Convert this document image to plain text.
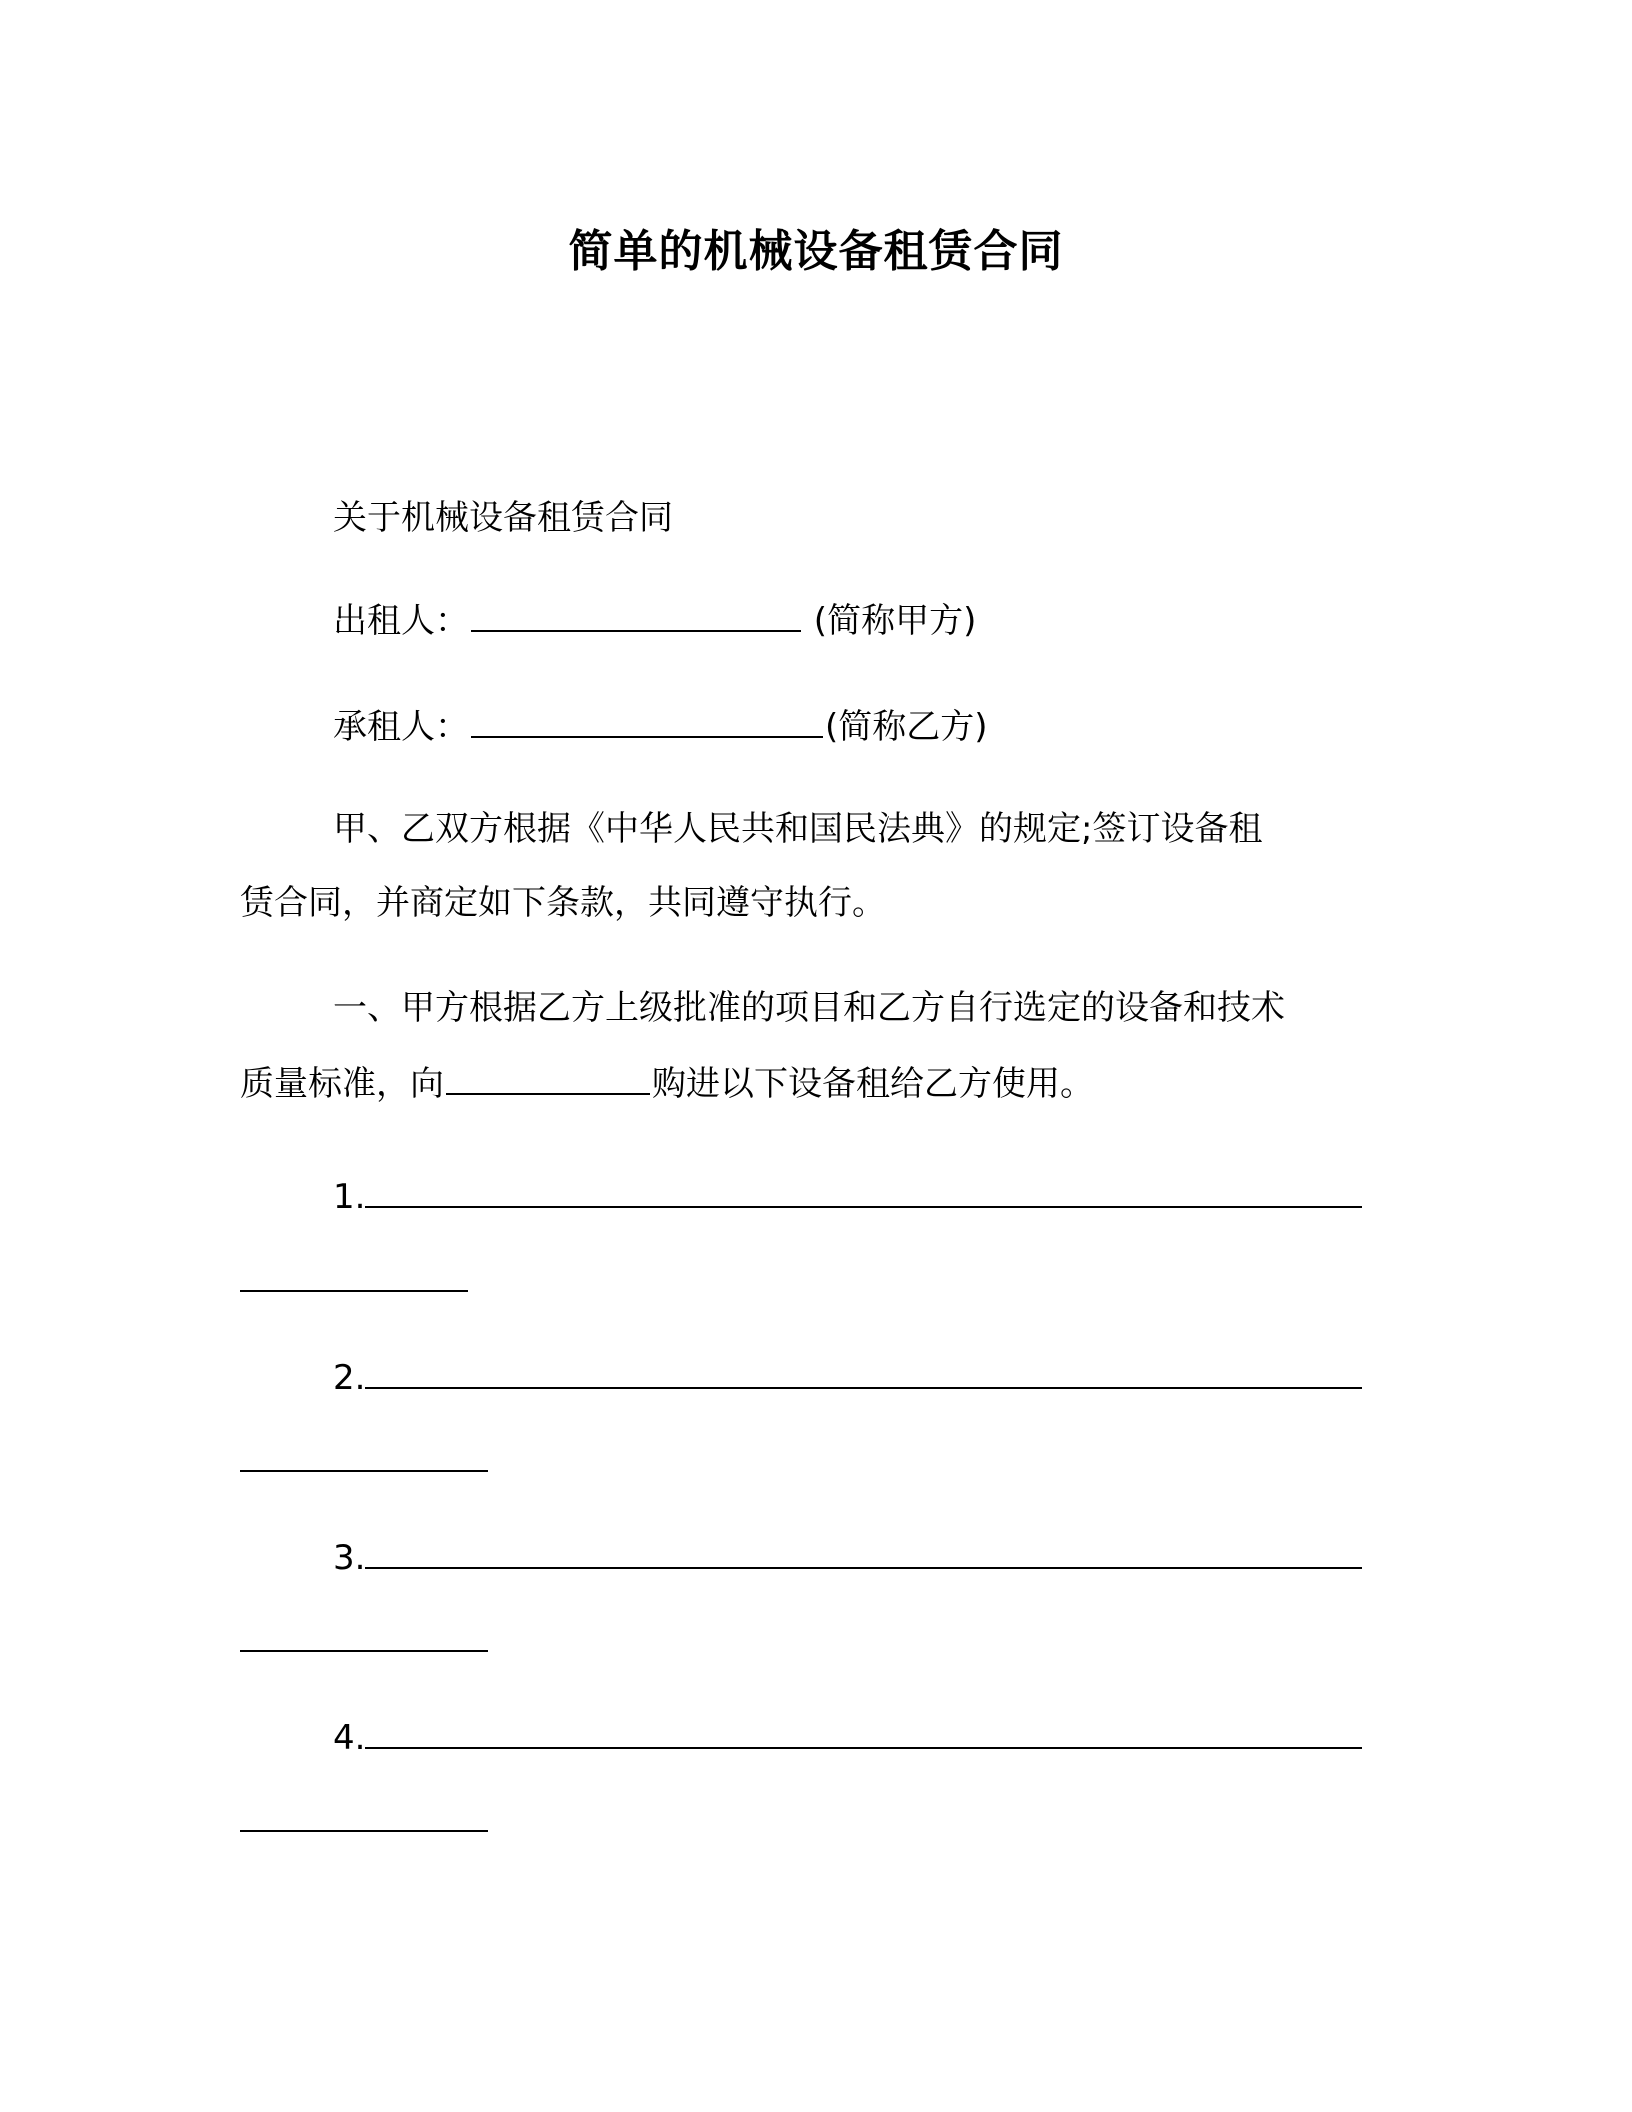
简单的机械设备租赁合同
关于机械设备租赁合同
出租人：	(简称甲方)
承租人：	(简称乙方)
甲、乙双方根据《中华人民共和国民法典》的规定;签订设备租
赁合同，并商定如下条款，共同遵守执行。
一、甲方根据乙方上级批准的项目和乙方自行选定的设备和技术
质量标准，向	购进以下设备租给乙方使用。
1.
2.
3.
4.
